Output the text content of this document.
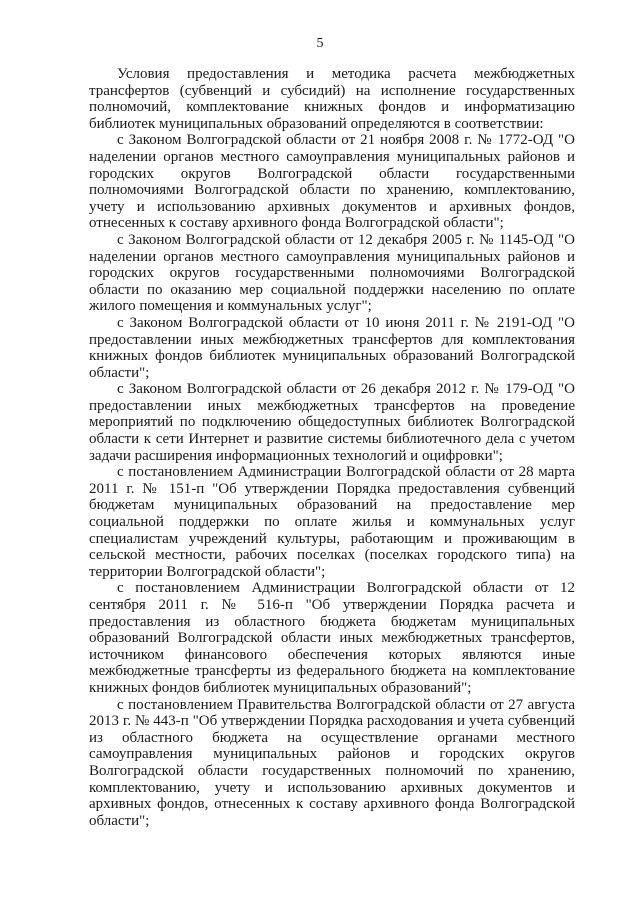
5

Условия предоставления и методика расчета межбюджетных трансфертов (субвенций и субсидий) на исполнение государственных полномочий, комплектование книжных фондов и информатизацию библиотек муниципальных образований определяются в соответствии:

с Законом Волгоградской области от 21 ноября 2008 г. № 1772-ОД "О наделении органов местного самоуправления муниципальных районов и городских округов Волгоградской области государственными полномочиями Волгоградской области по хранению, комплектованию, учету и использованию архивных документов и архивных фондов, отнесенных к составу архивного фонда Волгоградской области";

с Законом Волгоградской области от 12 декабря 2005 г. № 1145-ОД "О наделении органов местного самоуправления муниципальных районов и городских округов государственными полномочиями Волгоградской области по оказанию мер социальной поддержки населению по оплате жилого помещения и коммунальных услуг";

с Законом Волгоградской области от 10 июня 2011 г. № 2191-ОД "О предоставлении иных межбюджетных трансфертов для комплектования книжных фондов библиотек муниципальных образований Волгоградской области";

с Законом Волгоградской области от 26 декабря 2012 г. № 179-ОД "О предоставлении иных межбюджетных трансфертов на проведение мероприятий по подключению общедоступных библиотек Волгоградской области к сети Интернет и развитие системы библиотечного дела с учетом задачи расширения информационных технологий и оцифровки";

с постановлением Администрации Волгоградской области от 28 марта 2011 г. № 151-п "Об утверждении Порядка предоставления субвенций бюджетам муниципальных образований на предоставление мер социальной поддержки по оплате жилья и коммунальных услуг специалистам учреждений культуры, работающим и проживающим в сельской местности, рабочих поселках (поселках городского типа) на территории Волгоградской области";

с постановлением Администрации Волгоградской области от 12 сентября 2011 г. № 516-п "Об утверждении Порядка расчета и предоставления из областного бюджета бюджетам муниципальных образований Волгоградской области иных межбюджетных трансфертов, источником финансового обеспечения которых являются иные межбюджетные трансферты из федерального бюджета на комплектование книжных фондов библиотек муниципальных образований";

с постановлением Правительства Волгоградской области от 27 августа 2013 г. № 443-п "Об утверждении Порядка расходования и учета субвенций из областного бюджета на осуществление органами местного самоуправления муниципальных районов и городских округов Волгоградской области государственных полномочий по хранению, комплектованию, учету и использованию архивных документов и архивных фондов, отнесенных к составу архивного фонда Волгоградской области";
